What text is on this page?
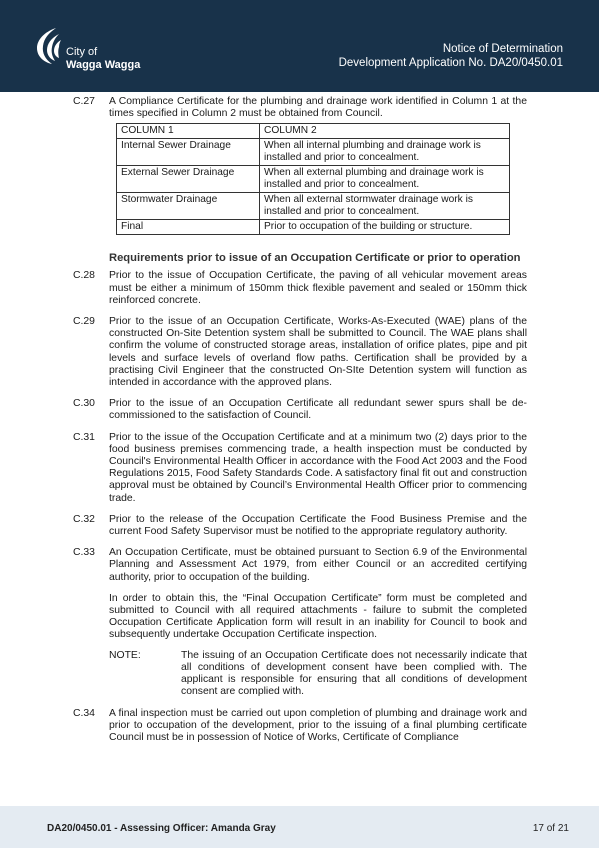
City of
Wagga Wagga
Notice of Determination
Development Application No. DA20/0450.01
C.27 A Compliance Certificate for the plumbing and drainage work identified in Column 1 at the times specified in Column 2 must be obtained from Council.

COLUMN 1	COLUMN 2
Internal Sewer Drainage	When all internal plumbing and drainage work is installed and prior to concealment.
External Sewer Drainage	When all external plumbing and drainage work is installed and prior to concealment.
Stormwater Drainage	When all external stormwater drainage work is installed and prior to concealment.
Final	Prior to occupation of the building or structure.
Requirements prior to issue of an Occupation Certificate or prior to operation
C.28 Prior to the issue of Occupation Certificate, the paving of all vehicular movement areas must be either a minimum of 150mm thick flexible pavement and sealed or 150mm thick reinforced concrete.

C.29 Prior to the issue of an Occupation Certificate, Works-As-Executed (WAE) plans of the constructed On-Site Detention system shall be submitted to Council. The WAE plans shall confirm the volume of constructed storage areas, installation of orifice plates, pipe and pit levels and surface levels of overland flow paths. Certification shall be provided by a practising Civil Engineer that the constructed On-SIte Detention system will function as intended in accordance with the approved plans.

C.30 Prior to the issue of an Occupation Certificate all redundant sewer spurs shall be de-commissioned to the satisfaction of Council.

C.31 Prior to the issue of the Occupation Certificate and at a minimum two (2) days prior to the food business premises commencing trade, a health inspection must be conducted by Council's Environmental Health Officer in accordance with the Food Act 2003 and the Food Regulations 2015, Food Safety Standards Code. A satisfactory final fit out and construction approval must be obtained by Council’s Environmental Health Officer prior to commencing trade.

C.32 Prior to the release of the Occupation Certificate the Food Business Premise and the current Food Safety Supervisor must be notified to the appropriate regulatory authority.

C.33 An Occupation Certificate, must be obtained pursuant to Section 6.9 of the Environmental Planning and Assessment Act 1979, from either Council or an accredited certifying authority, prior to occupation of the building.

In order to obtain this, the “Final Occupation Certificate” form must be completed and submitted to Council with all required attachments - failure to submit the completed Occupation Certificate Application form will result in an inability for Council to book and subsequently undertake Occupation Certificate inspection.

NOTE:	The issuing of an Occupation Certificate does not necessarily indicate that all conditions of development consent have been complied with. The applicant is responsible for ensuring that all conditions of development consent are complied with.

C.34 A final inspection must be carried out upon completion of plumbing and drainage work and prior to occupation of the development, prior to the issuing of a final plumbing certificate Council must be in possession of Notice of Works, Certificate of Compliance

DA20/0450.01 - Assessing Officer: Amanda Gray	17 of 21
